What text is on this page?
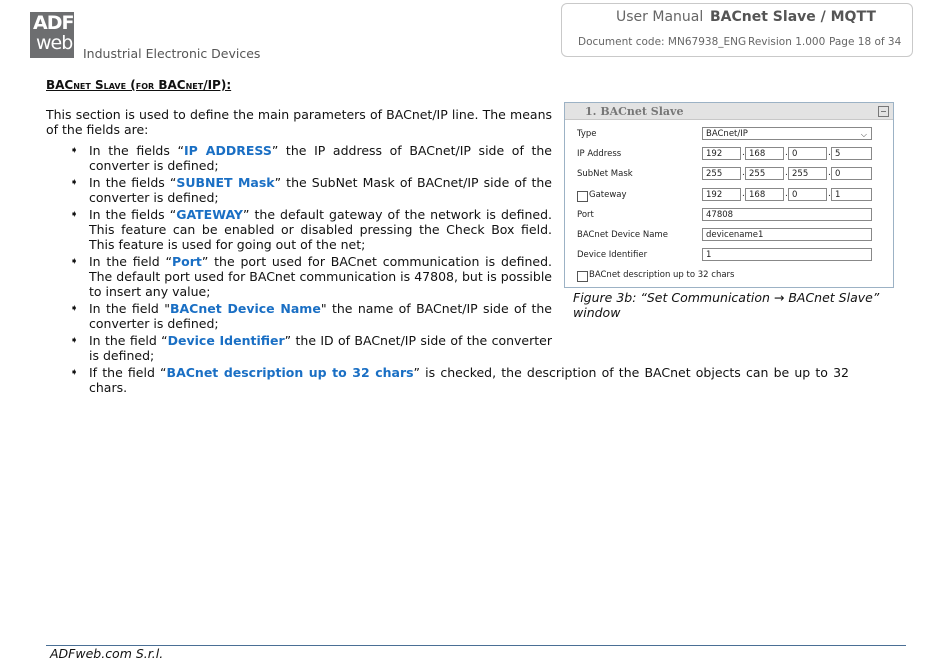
ADF
web Industrial Electronic Devices
User Manual BACnet Slave / MQTT
Document code: MN67938_ENG Revision 1.000 Page 18 of 34
BACnet Slave (for BACnet/IP):
This section is used to define the main parameters of BACnet/IP line. The means of the fields are:
➧ In the fields “IP ADDRESS” the IP address of BACnet/IP side of the converter is defined;
➧ In the fields “SUBNET Mask” the SubNet Mask of BACnet/IP side of the converter is defined;
➧ In the fields “GATEWAY” the default gateway of the network is defined. This feature can be enabled or disabled pressing the Check Box field. This feature is used for going out of the net;
➧ In the field “Port” the port used for BACnet communication is defined. The default port used for BACnet communication is 47808, but is possible to insert any value;
➧ In the field "BACnet Device Name" the name of BACnet/IP side of the converter is defined;
➧ In the field “Device Identifier” the ID of BACnet/IP side of the converter is defined;
➧ If the field “BACnet description up to 32 chars” is checked, the description of the BACnet objects can be up to 32 chars.
1. BACnet Slave
Type	BACnet/IP	⌵
IP Address	192	. 168	. 0	. 5
SubNet Mask	255	. 255	. 255	. 0
Gateway	192	. 168	. 0	. 1
Port	47808
BACnet Device Name	devicename1
Device Identifier	1
BACnet description up to 32 chars
Figure 3b: “Set Communication → BACnet Slave” window
ADFweb.com S.r.l.
